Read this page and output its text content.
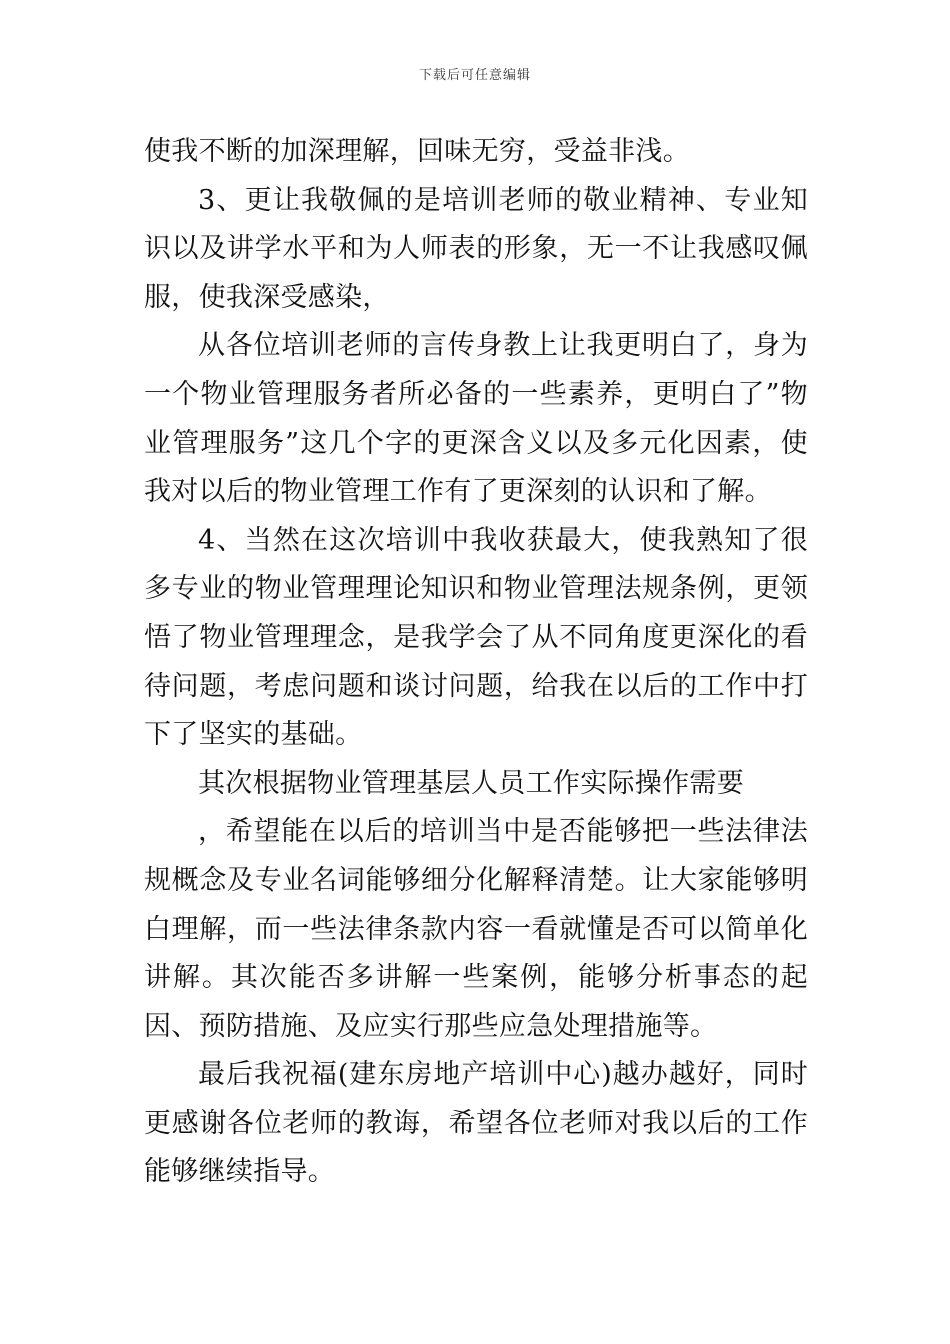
下载后可任意编辑

使我不断的加深理解，回味无穷，受益非浅。

3、更让我敬佩的是培训老师的敬业精神、专业知识以及讲学水平和为人师表的形象，无一不让我感叹佩服，使我深受感染，

从各位培训老师的言传身教上让我更明白了，身为一个物业管理服务者所必备的一些素养，更明白了”物业管理服务”这几个字的更深含义以及多元化因素，使我对以后的物业管理工作有了更深刻的认识和了解。

4、当然在这次培训中我收获最大，使我熟知了很多专业的物业管理理论知识和物业管理法规条例，更领悟了物业管理理念，是我学会了从不同角度更深化的看待问题，考虑问题和谈讨问题，给我在以后的工作中打下了坚实的基础。

其次根据物业管理基层人员工作实际操作需要

，希望能在以后的培训当中是否能够把一些法律法规概念及专业名词能够细分化解释清楚。让大家能够明白理解，而一些法律条款内容一看就懂是否可以简单化讲解。其次能否多讲解一些案例，能够分析事态的起因、预防措施、及应实行那些应急处理措施等。

最后我祝福(建东房地产培训中心)越办越好，同时更感谢各位老师的教诲，希望各位老师对我以后的工作能够继续指导。
